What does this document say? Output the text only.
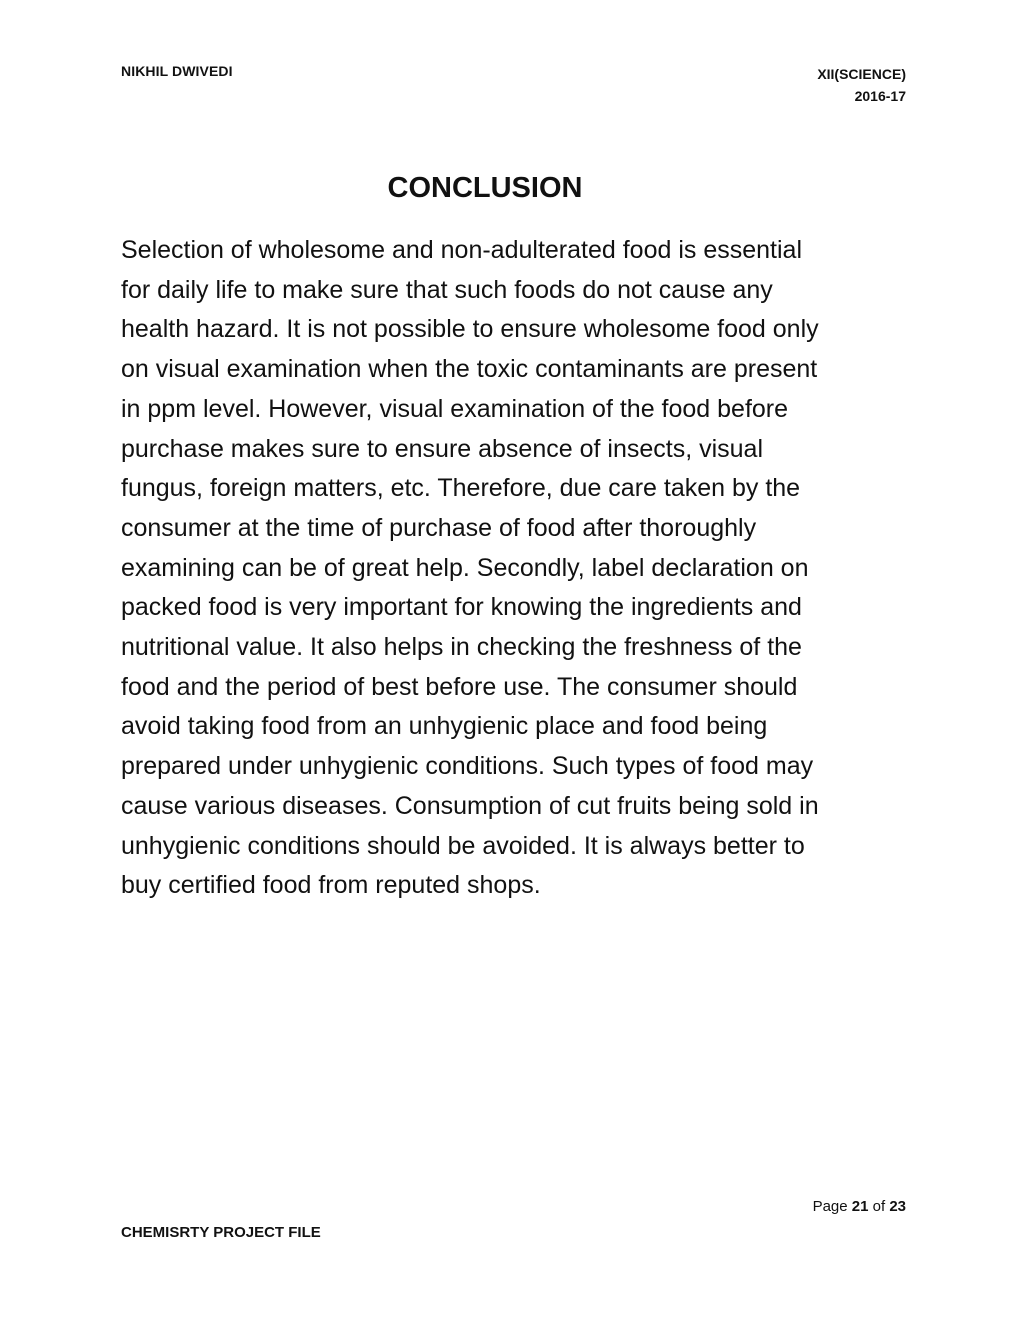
NIKHIL DWIVEDI	XII(SCIENCE)
2016-17
CONCLUSION
Selection of wholesome and non-adulterated food is essential
for daily life to make sure that such foods do not cause any
health hazard. It is not possible to ensure wholesome food only
on visual examination when the toxic contaminants are present
in ppm level. However, visual examination of the food before
purchase makes sure to ensure absence of insects, visual
fungus, foreign matters, etc. Therefore, due care taken by the
consumer at the time of purchase of food after thoroughly
examining can be of great help. Secondly, label declaration on
packed food is very important for knowing the ingredients and
nutritional value. It also helps in checking the freshness of the
food and the period of best before use. The consumer should
avoid taking food from an unhygienic place and food being
prepared under unhygienic conditions. Such types of food may
cause various diseases. Consumption of cut fruits being sold in
unhygienic conditions should be avoided. It is always better to
buy certified food from reputed shops.
Page 21 of 23
CHEMISRTY PROJECT FILE
